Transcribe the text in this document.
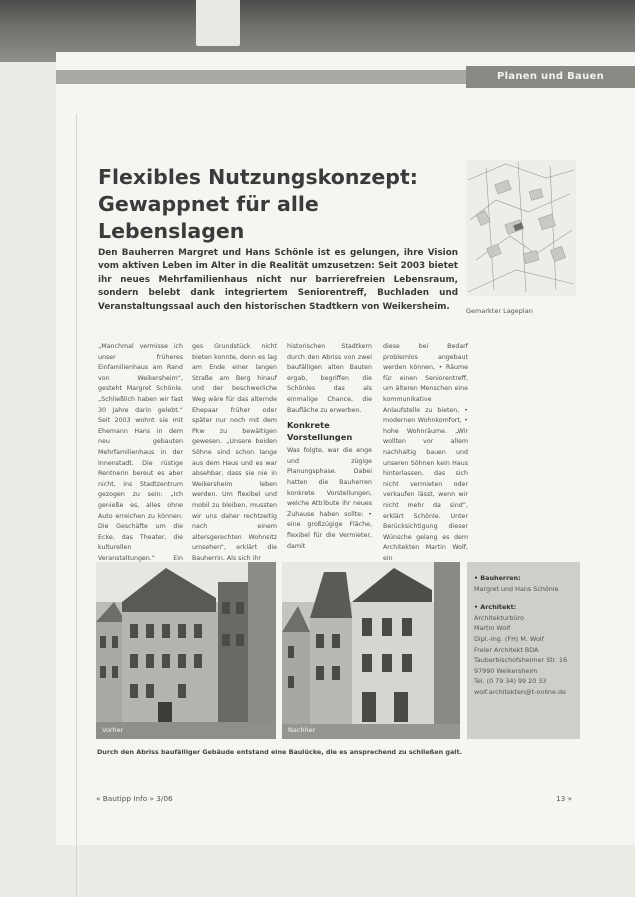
Planen und Bauen
Flexibles Nutzungskonzept:
Gewappnet für alle Lebenslagen
Den Bauherren Margret und Hans Schönle ist es gelungen, ihre Vision vom aktiven Leben im Alter in die Realität umzusetzen: Seit 2003 bietet ihr neues Mehrfamilienhaus nicht nur barrierefreien Lebensraum, sondern belebt dank integriertem Seniorentreff, Buchladen und Veranstaltungssaal auch den historischen Stadtkern von Weikersheim.	Gemarkter Lageplan

„Manchmal vermisse ich unser früheres Einfamilienhaus am Rand von Weikersheim“, gesteht Margret Schönle. „Schließlich haben wir fast 30 Jahre darin gelebt.“ Seit 2003 wohnt sie mit Ehemann Hans in dem neu gebauten Mehrfamilienhaus in der Innenstadt. Die rüstige Rentnerin bereut es aber nicht, ins Stadtzentrum gezogen zu sein: „Ich genieße es, alles ohne Auto erreichen zu können: Die Geschäfte um die Ecke, das Theater, die kulturellen Veranstaltungen.“ Ein

ges Grundstück nicht bieten konnte, denn es lag am Ende einer langen Straße am Berg hinauf und der beschwerliche Weg wäre für das alternde Ehepaar früher oder später nur noch mit dem Pkw zu bewältigen gewesen. „Unsere beiden Söhne sind schon lange aus dem Haus und es war absehbar, dass sie nie in Weikersheim leben werden. Um flexibel und mobil zu bleiben, mussten wir uns daher rechtzeitig nach einem altersgerechten Wohnsitz umsehen“, erklärt die Bauherrin. Als sich ihr

historischen Stadtkern durch den Abriss von zwei baufälligen alten Bauten ergab, begriffen die Schönles das als einmalige Chance, die Baufläche zu erwerben.

Konkrete
Vorstellungen

Was folgte, war die enge und zügige Planungsphase. Dabei hatten die Bauherren konkrete Vorstellungen, welche Attribute ihr neues Zuhause haben sollte: • eine großzügige Fläche, flexibel für die Vermieter, damit

diese bei Bedarf problemlos angebaut werden können, • Räume für einen Seniorentreff, um älteren Menschen eine kommunikative Anlaufstelle zu bieten, • modernen Wohnkomfort, • hohe Wohnräume. „Wir wollten vor allem nachhaltig bauen und unseren Söhnen kein Haus hinterlassen, das sich nicht vermieten oder verkaufen lässt, wenn wir nicht mehr da sind“, erklärt Schönle. Unter Berücksichtigung dieser Wünsche gelang es dem Architekten Martin Wolf, ein

Vorher	Nachher
• Bauherren:
Margret und Hans Schönle
• Architekt:
Architekturbüro
Martin Wolf
Dipl.-Ing. (FH) M. Wolf
Freier Architekt BDA
Tauberbischofsheimer Str. 16
97990 Weikersheim
Tel. (0 79 34) 99 20 33
wolf.architekten@t-online.de
Durch den Abriss baufälliger Gebäude entstand eine Baulücke, die es ansprechend zu schließen galt.
« Bautipp Info » 3/06	13 »
